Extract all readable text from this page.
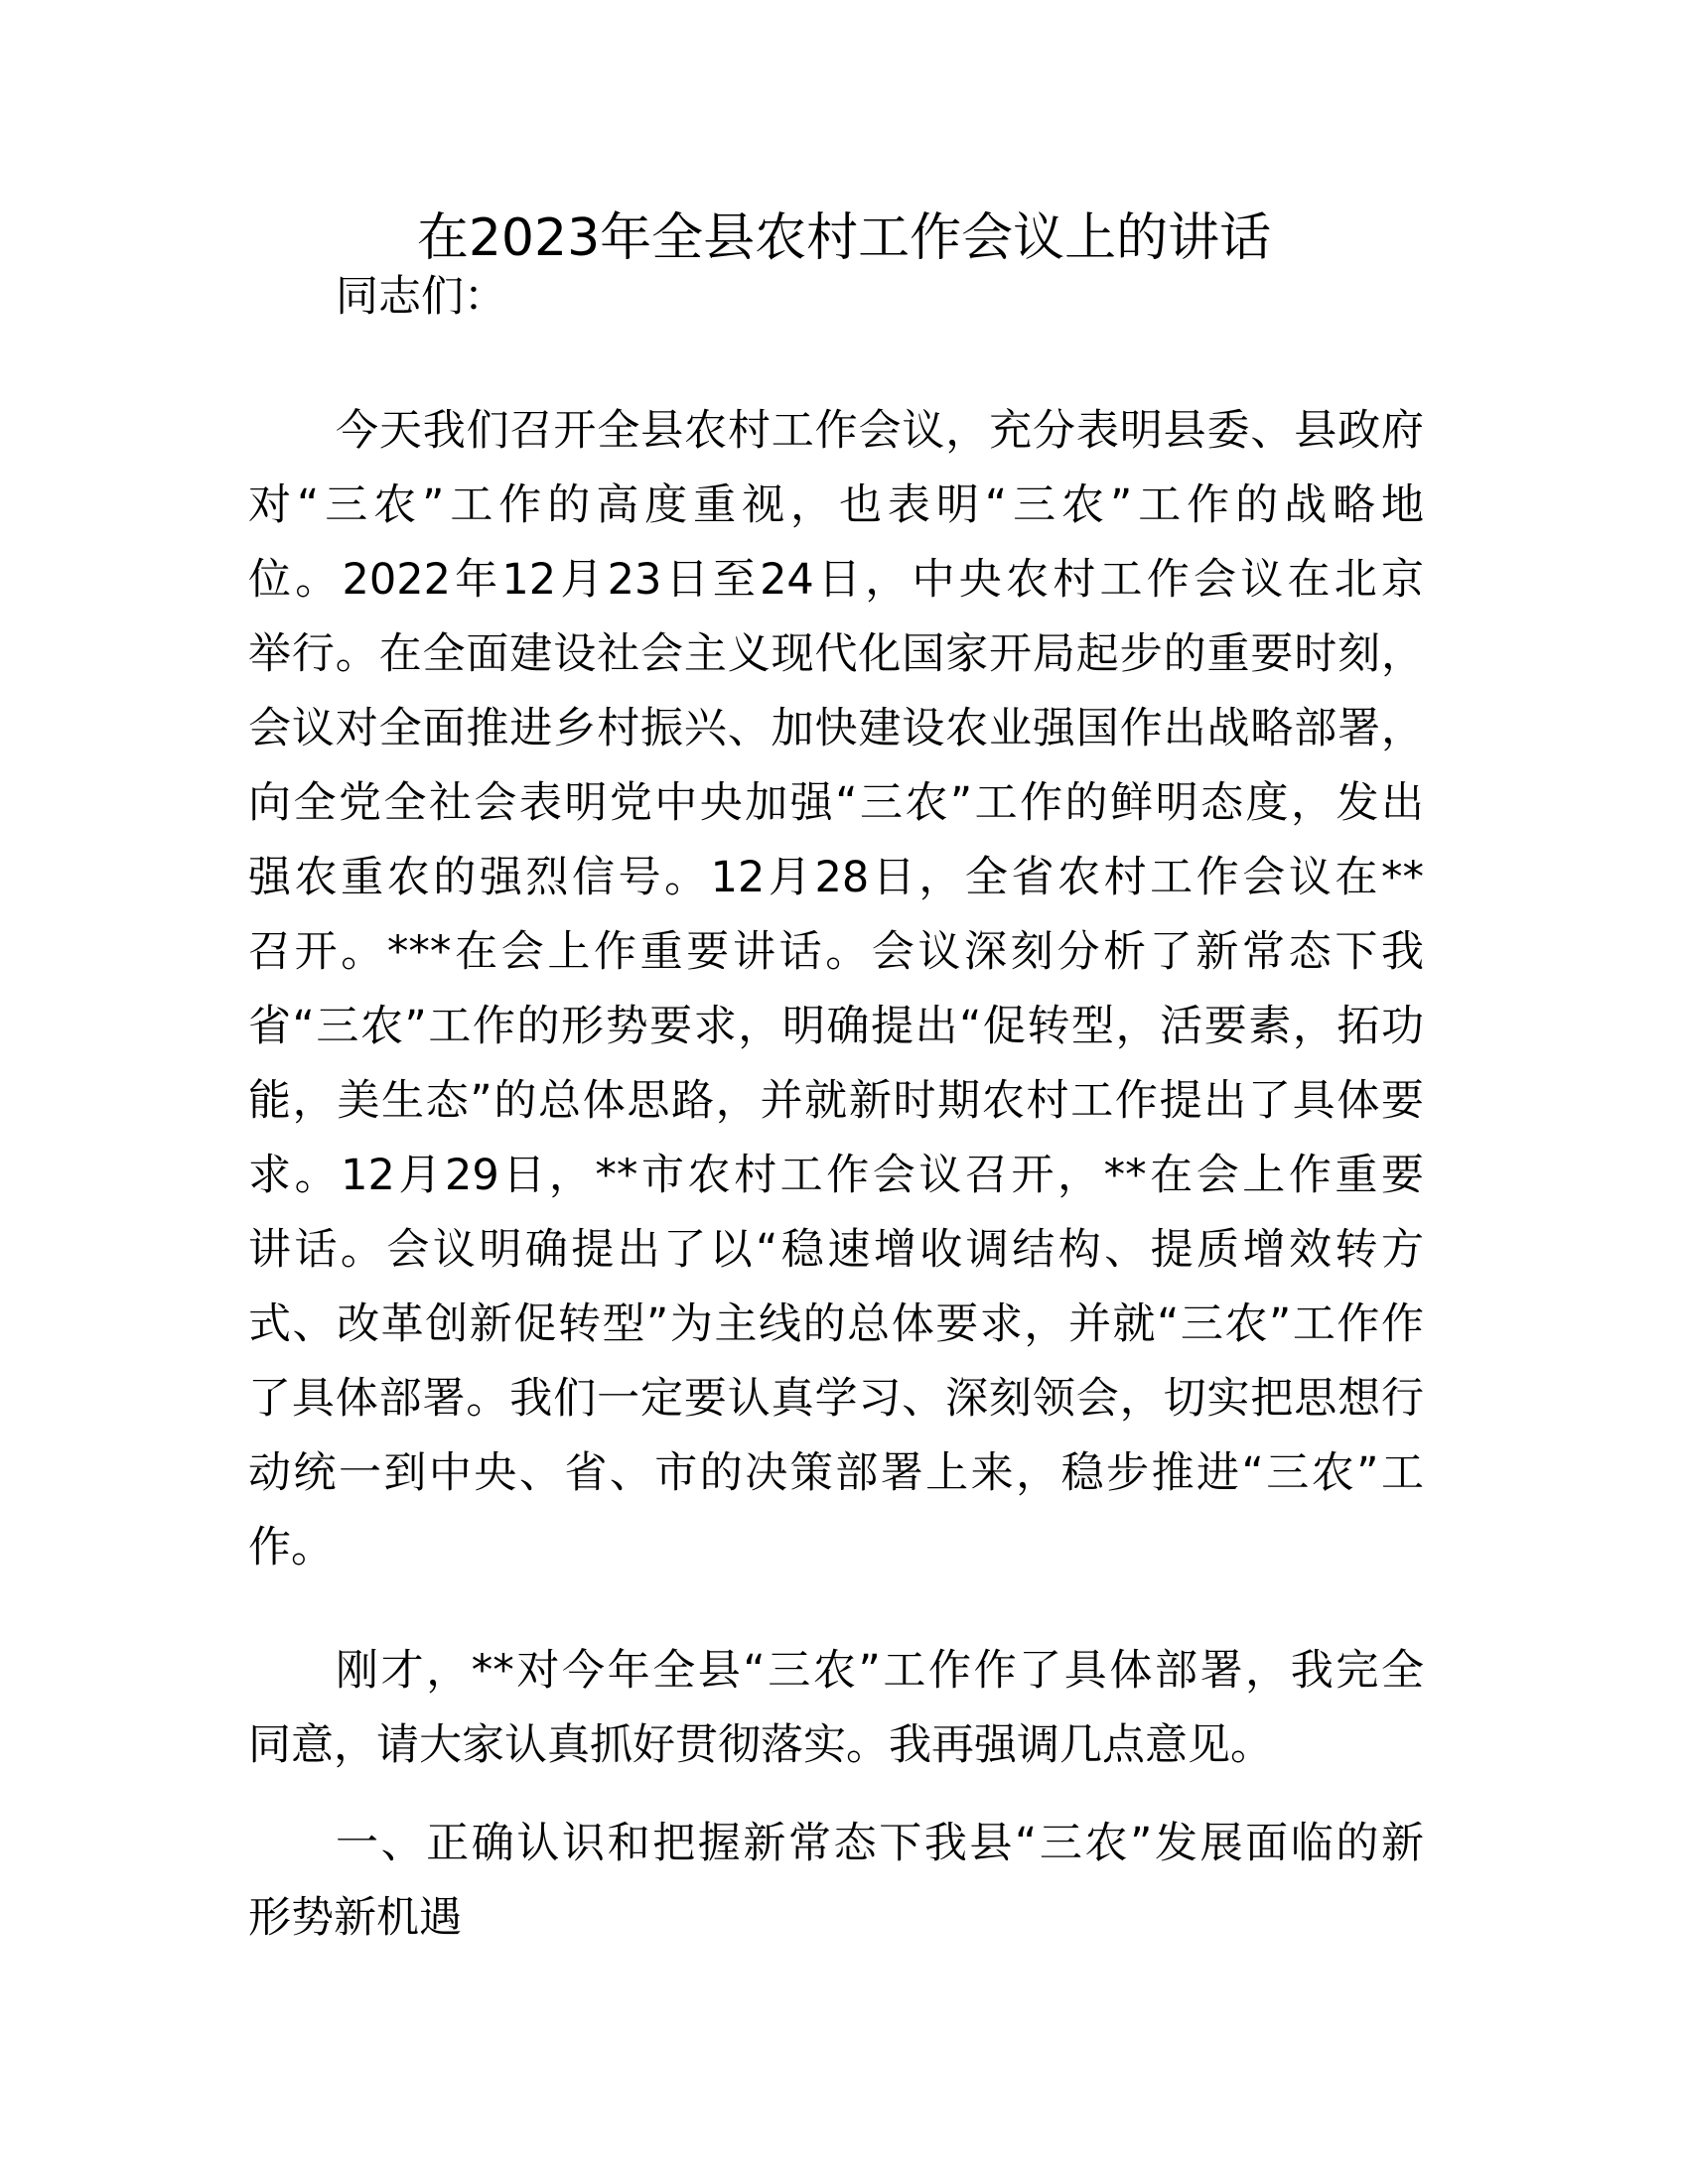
在2023年全县农村工作会议上的讲话
同志们：
今天我们召开全县农村工作会议，充分表明县委、县政府
对“三农”工作的高度重视，也表明“三农”工作的战略地
位。2022年12月23日至24日，中央农村工作会议在北京
举行。在全面建设社会主义现代化国家开局起步的重要时刻，
会议对全面推进乡村振兴、加快建设农业强国作出战略部署，
向全党全社会表明党中央加强“三农”工作的鲜明态度，发出
强农重农的强烈信号。12月28日，全省农村工作会议在**
召开。***在会上作重要讲话。会议深刻分析了新常态下我
省“三农”工作的形势要求，明确提出“促转型，活要素，拓功
能，美生态”的总体思路，并就新时期农村工作提出了具体要
求。12月29日，**市农村工作会议召开，**在会上作重要
讲话。会议明确提出了以“稳速增收调结构、提质增效转方
式、改革创新促转型”为主线的总体要求，并就“三农”工作作
了具体部署。我们一定要认真学习、深刻领会，切实把思想行
动统一到中央、省、市的决策部署上来，稳步推进“三农”工
作。
刚才，**对今年全县“三农”工作作了具体部署，我完全
同意，请大家认真抓好贯彻落实。我再强调几点意见。
一、正确认识和把握新常态下我县“三农”发展面临的新
形势新机遇
